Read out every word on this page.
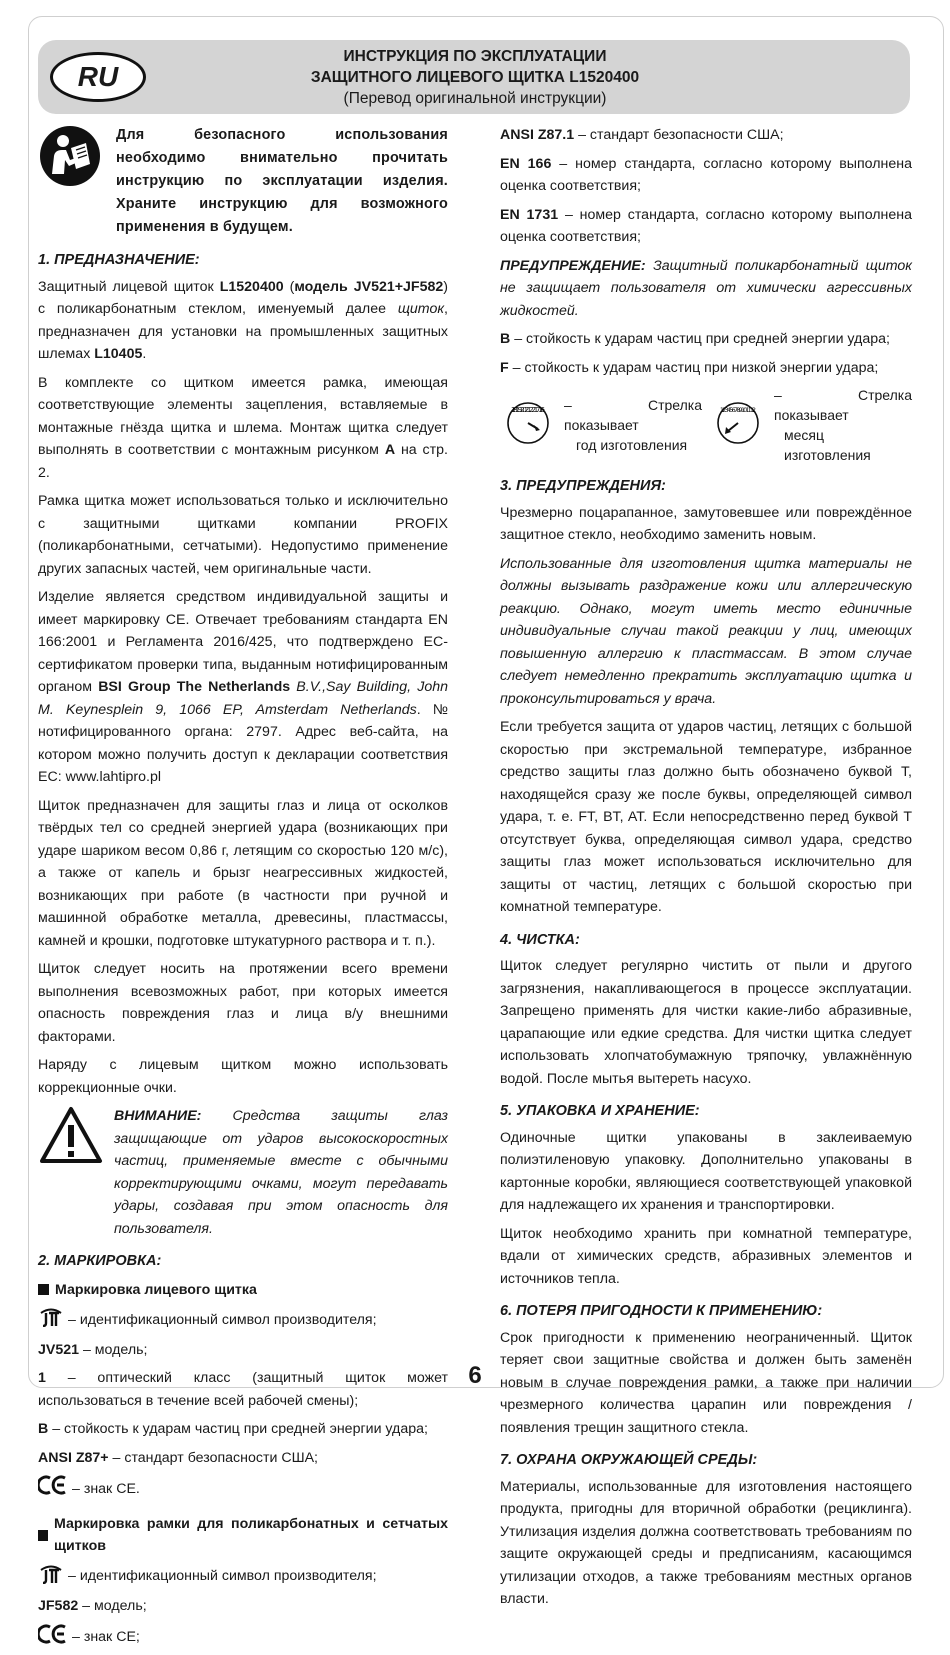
RU
ИНСТРУКЦИЯ ПО ЭКСПЛУАТАЦИИ
ЗАЩИТНОГО ЛИЦЕВОГО ЩИТКА L1520400
(Перевод оригинальной инструкции)
Для безопасного использования необходимо внимательно прочитать инструкцию по эксплуатации изделия. Храните инструкцию для возможного применения в будущем.
1. ПРЕДНАЗНАЧЕНИЕ:

Защитный лицевой щиток L1520400 (модель JV521+JF582) с поликарбонатным стеклом, именуемый далее щиток, предназначен для установки на промышленных защитных шлемах L10405.

В комплекте со щитком имеется рамка, имеющая соответствующие элементы зацепления, вставляемые в монтажные гнёзда щитка и шлема. Монтаж щитка следует выполнять в соответствии с монтажным рисунком A на стр. 2.

Рамка щитка может использоваться только и исключительно с защитными щитками компании PROFIX (поликарбонатными, сетчатыми). Недопустимо применение других запасных частей, чем оригинальные части.

Изделие является средством индивидуальной защиты и имеет маркировку CE. Отвечает требованиям стандарта EN 166:2001 и Регламента 2016/425, что подтверждено EC-сертификатом проверки типа, выданным нотифицированным органом BSI Group The Netherlands B.V.,Say Building, John M. Keynesplein 9, 1066 EP, Amsterdam Netherlands. № нотифицированного органа: 2797. Адрес веб-сайта, на котором можно получить доступ к декларации соответствия ЕС: www.lahtipro.pl

Щиток предназначен для защиты глаз и лица от осколков твёрдых тел со средней энергией удара (возникающих при ударе шариком весом 0,86 г, летящим со скоростью 120 м/с), а также от капель и брызг неагрессивных жидкостей, возникающих при работе (в частности при ручной и машинной обработке металла, древесины, пластмассы, камней и крошки, подготовке штукатурного раствора и т. п.).

Щиток следует носить на протяжении всего времени выполнения всевозможных работ, при которых имеется опасность повреждения глаз и лица в/у внешними факторами.

Наряду с лицевым щитком можно использовать коррекционные очки.

ВНИМАНИЕ: Средства защиты глаз защищающие от ударов высокоскоростных частиц, применяемые вместе с обычными корректирующими очками, могут передавать удары, создавая при этом опасность для пользователя.

2. МАРКИРОВКА:
Маркировка лицевого щитка
– идентификационный символ производителя;

JV521 – модель;

1 – оптический класс (защитный щиток может использоваться в течение всей рабочей смены);

B – стойкость к ударам частиц при средней энергии удара;

ANSI Z87+ – стандарт безопасности США;

– знак CE.
Маркировка рамки для поликарбонатных и сетчатых щитков
– идентификационный символ производителя;

JF582 – модель;

– знак CE;

ANSI Z87.1 – стандарт безопасности США;

EN 166 – номер стандарта, согласно которому выполнена оценка соответствия;

EN 1731 – номер стандарта, согласно которому выполнена оценка соответствия;

ПРЕДУПРЕЖДЕНИЕ: Защитный поликарбонатный щиток не защищает пользователя от химически агрессивных жидкостей.

B – стойкость к ударам частиц при средней энергии удара;

F – стойкость к ударам частиц при низкой энергии удара;

18 19 20 21 22 17 16 – Стрелка показывает
год изготовления
1 2 3 4 5 6 7 8 9 10 11 12
– Стрелка показывает
месяц изготовления
3. ПРЕДУПРЕЖДЕНИЯ:

Чрезмерно поцарапанное, замутовевшее или повреждённое защитное стекло, необходимо заменить новым.

Использованные для изготовления щитка материалы не должны вызывать раздражение кожи или аллергическую реакцию. Однако, могут иметь место единичные индивидуальные случаи такой реакции у лиц, имеющих повышенную аллергию к пластмассам. В этом случае следует немедленно прекратить эксплуатацию щитка и проконсультироваться у врача.

Если требуется защита от ударов частиц, летящих с большой скоростью при экстремальной температуре, избранное средство защиты глаз должно быть обозначено буквой T, находящейся сразу же после буквы, определяющей символ удара, т. е. FT, BT, AT. Если непосредственно перед буквой T отсутствует буква, определяющая символ удара, средство защиты глаз может использоваться исключительно для защиты от частиц, летящих с большой скоростью при комнатной температуре.

4. ЧИСТКА:

Щиток следует регулярно чистить от пыли и другого загрязнения, накапливающегося в процессе эксплуатации. Запрещено применять для чистки какие-либо абразивные, царапающие или едкие средства. Для чистки щитка следует использовать хлопчатобумажную тряпочку, увлажнённую водой. После мытья вытереть насухо.

5. УПАКОВКА И ХРАНЕНИЕ:

Одиночные щитки упакованы в заклеиваемую полиэтиленовую упаковку. Дополнительно упакованы в картонные коробки, являющиеся соответствующей упаковкой для надлежащего их хранения и транспортировки.

Щиток необходимо хранить при комнатной температуре, вдали от химических средств, абразивных элементов и источников тепла.

6. ПОТЕРЯ ПРИГОДНОСТИ К ПРИМЕНЕНИЮ:

Срок пригодности к применению неограниченный. Щиток теряет свои защитные свойства и должен быть заменён новым в случае повреждения рамки, а также при наличии чрезмерного количества царапин или повреждения / появления трещин защитного стекла.

7. ОХРАНА ОКРУЖАЮЩЕЙ СРЕДЫ:

Материалы, использованные для изготовления настоящего продукта, пригодны для вторичной обработки (рециклинга). Утилизация изделия должна соответствовать требованиям по защите окружающей среды и предписаниям, касающимся утилизации отходов, а также требованиям местных органов власти.

6
